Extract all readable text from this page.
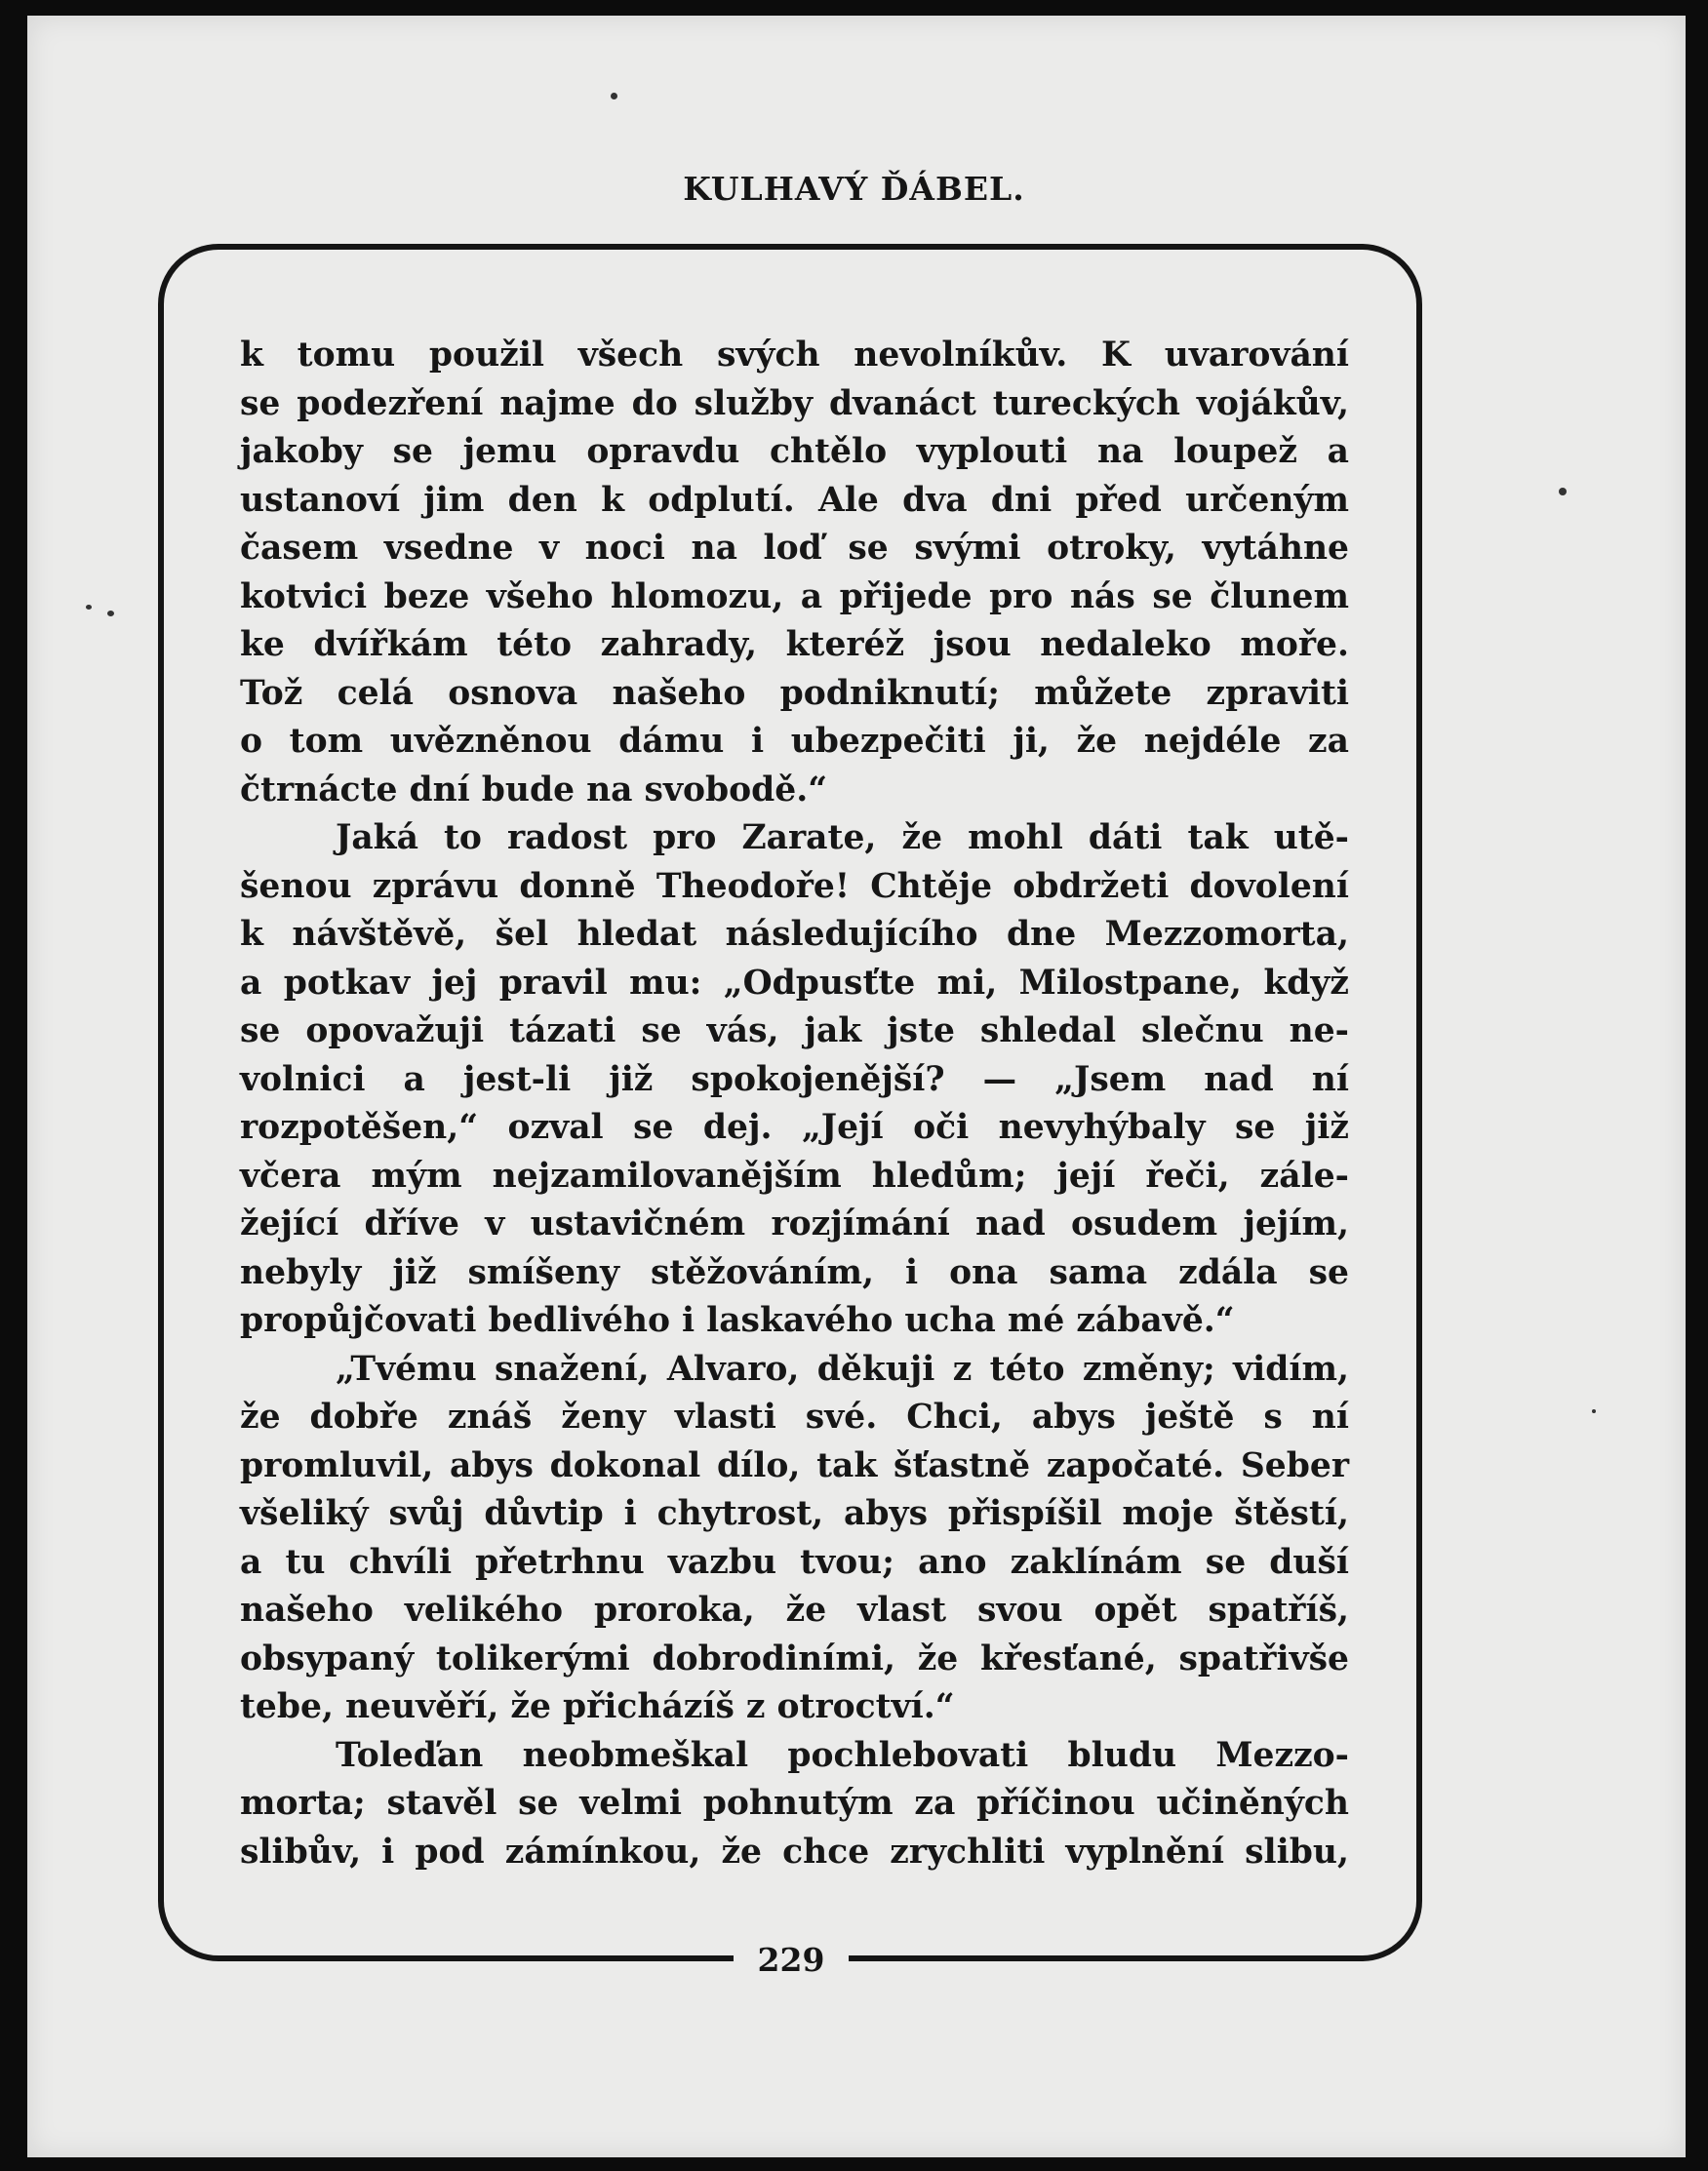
KULHAVÝ ĎÁBEL.
229
k tomu použil všech svých nevolníkův. K uvarování
se podezření najme do služby dvanáct tureckých vojákův,
jakoby se jemu opravdu chtělo vyplouti na loupež a
ustanoví jim den k odplutí. Ale dva dni před určeným
časem vsedne v noci na loď se svými otroky, vytáhne
kotvici beze všeho hlomozu, a přijede pro nás se člunem
ke dvířkám této zahrady, kteréž jsou nedaleko moře.
Tož celá osnova našeho podniknutí; můžete zpraviti
o tom uvězněnou dámu i ubezpečiti ji, že nejdéle za
čtrnácte dní bude na svobodě.“
Jaká to radost pro Zarate, že mohl dáti tak utě-
šenou zprávu donně Theodoře! Chtěje obdržeti dovolení
k návštěvě, šel hledat následujícího dne Mezzomorta,
a potkav jej pravil mu: „Odpusťte mi, Milostpane, když
se opovažuji tázati se vás, jak jste shledal slečnu ne-
volnici a jest-li již spokojenější? — „Jsem nad ní
rozpotěšen,“ ozval se dej. „Její oči nevyhýbaly se již
včera mým nejzamilovanějším hledům; její řeči, zále-
žející dříve v ustavičném rozjímání nad osudem jejím,
nebyly již smíšeny stěžováním, i ona sama zdála se
propůjčovati bedlivého i laskavého ucha mé zábavě.“
„Tvému snažení, Alvaro, děkuji z této změny; vidím,
že dobře znáš ženy vlasti své. Chci, abys ještě s ní
promluvil, abys dokonal dílo, tak šťastně započaté. Seber
všeliký svůj důvtip i chytrost, abys přispíšil moje štěstí,
a tu chvíli přetrhnu vazbu tvou; ano zaklínám se duší
našeho velikého proroka, že vlast svou opět spatříš,
obsypaný tolikerými dobrodiními, že křesťané, spatřivše
tebe, neuvěří, že přicházíš z otroctví.“
Toleďan neobmeškal pochlebovati bludu Mezzo-
morta; stavěl se velmi pohnutým za příčinou učiněných
slibův, i pod zámínkou, že chce zrychliti vyplnění slibu,
